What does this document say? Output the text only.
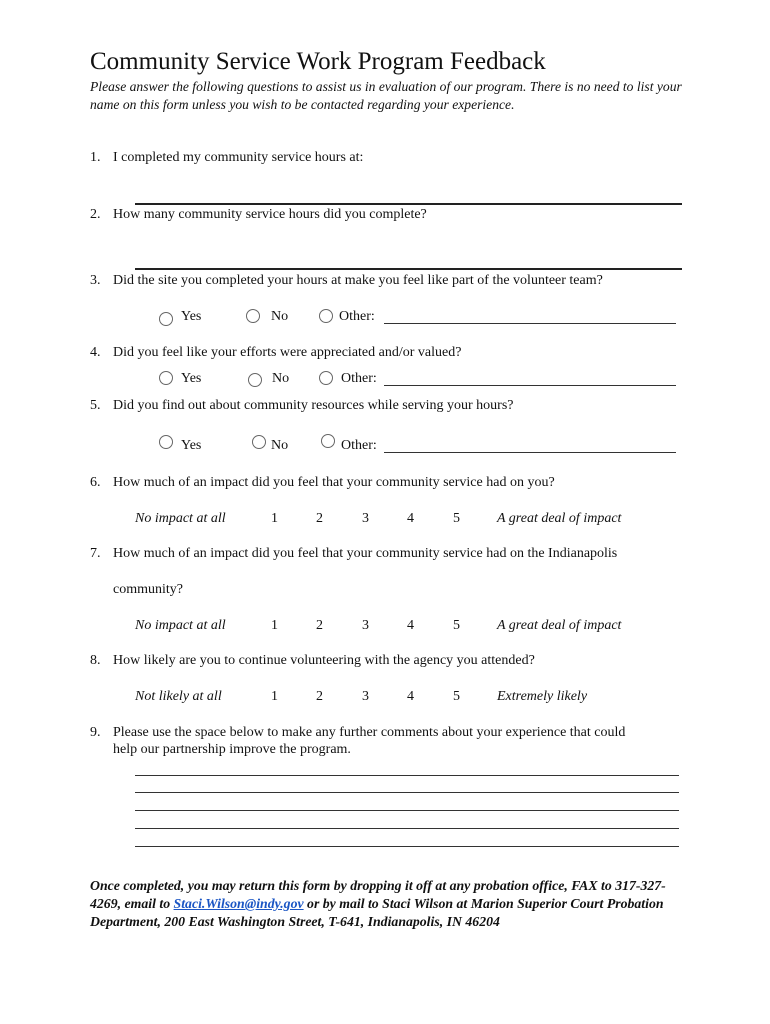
Community Service Work Program Feedback
Please answer the following questions to assist us in evaluation of our program. There is no need to list your name on this form unless you wish to be contacted regarding your experience.
1. I completed my community service hours at:
2. How many community service hours did you complete?
3. Did the site you completed your hours at make you feel like part of the volunteer team?
Yes	No	Other:
4. Did you feel like your efforts were appreciated and/or valued?
Yes	No	Other:
5. Did you find out about community resources while serving your hours?
Yes	No	Other:
6. How much of an impact did you feel that your community service had on you?
No impact at all	1	2	3	4	5	A great deal of impact
7. How much of an impact did you feel that your community service had on the Indianapolis
community?
No impact at all	1	2	3	4	5	A great deal of impact
8. How likely are you to continue volunteering with the agency you attended?
Not likely at all	1	2	3	4	5	Extremely likely
9. Please use the space below to make any further comments about your experience that could
help our partnership improve the program.
Once completed, you may return this form by dropping it off at any probation office, FAX to 317-327-4269, email to Staci.Wilson@indy.gov or by mail to Staci Wilson at Marion Superior Court Probation Department, 200 East Washington Street, T-641, Indianapolis, IN 46204
